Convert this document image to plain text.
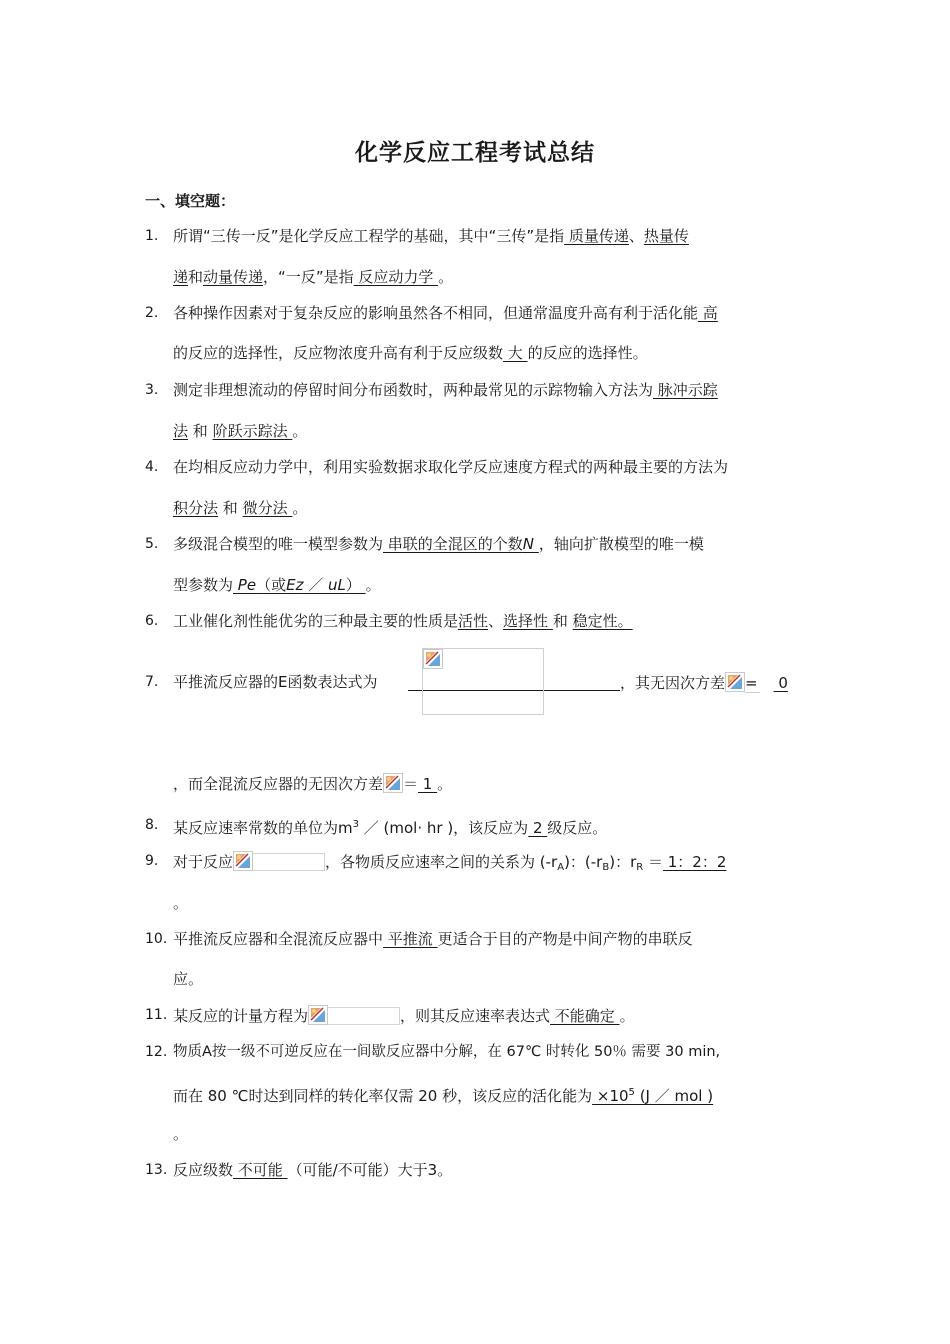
化学反应工程考试总结
一、填空题：
1. 所谓“三传一反”是化学反应工程学的基础，其中“三传”是指 质量传递、热量传
递和动量传递，“一反”是指 反应动力学 。
2. 各种操作因素对于复杂反应的影响虽然各不相同，但通常温度升高有利于活化能 高
的反应的选择性，反应物浓度升高有利于反应级数 大 的反应的选择性。
3. 测定非理想流动的停留时间分布函数时，两种最常见的示踪物输入方法为 脉冲示踪
法 和 阶跃示踪法 。
4. 在均相反应动力学中，利用实验数据求取化学反应速度方程式的两种最主要的方法为
积分法 和 微分法 。
5. 多级混合模型的唯一模型参数为 串联的全混区的个数N ，轴向扩散模型的唯一模
型参数为 Pe（或Ez ／ uL） 。
6. 工业催化剂性能优劣的三种最主要的性质是活性、选择性 和 稳定性。
7. 平推流反应器的E函数表达式为	，其无因次方差 = 0
，而全混流反应器的无因次方差 ＝ 1 。
8. 某反应速率常数的单位为$m^3$ ／ (mol· hr )，该反应为 2 级反应。
9. 对于反应	，各物质反应速率之间的关系为 $(-r_A)$：$(-r_B)$：$r_R = 1$：2：2
。
10. 平推流反应器和全混流反应器中 平推流 更适合于目的产物是中间产物的串联反
应。
11. 某反应的计量方程为	，则其反应速率表达式 不能确定 。
12. 物质A按一级不可逆反应在一间歇反应器中分解，在 67℃ 时转化 50％ 需要 30 min,
而在 80 ℃时达到同样的转化率仅需 20 秒，该反应的活化能为 $\times 10^5$ (J ／ mol )
。
13. 反应级数 不可能 （可能/不可能）大于3。
